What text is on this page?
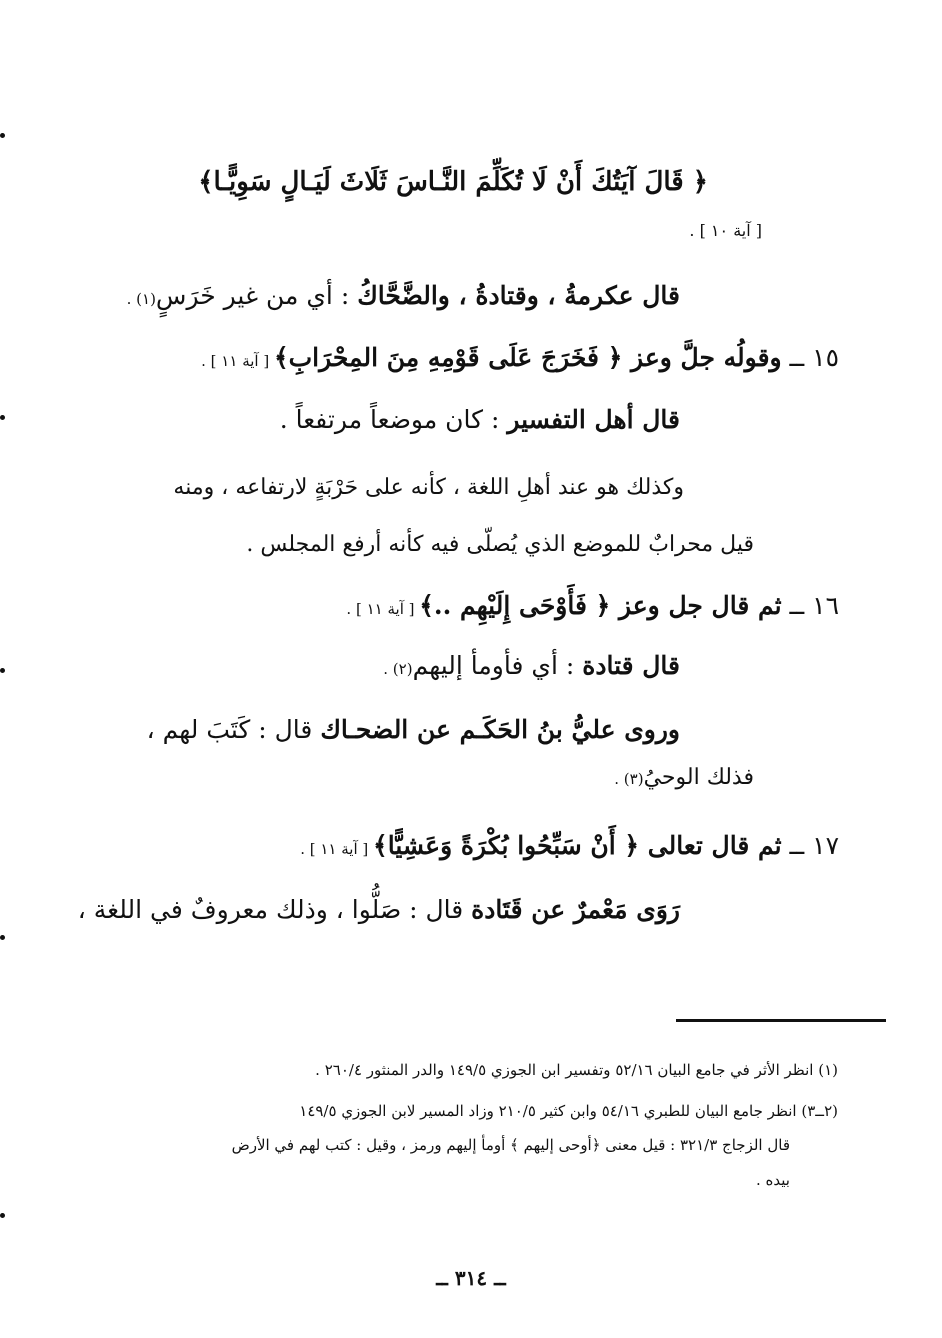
﴿ قَالَ آيَتُكَ أَنْ لَا تُكَلِّمَ النَّـاسَ ثَلَاثَ لَيَـالٍ سَوِيًّـا﴾
[ آية ١٠ ] .
قال عكرمةُ ، وقتادةُ ، والضَّحَّاكُ : أي من غير خَرَسٍ(١) .
١٥ ــ وقولُه جلَّ وعز ﴿ فَخَرَجَ عَلَى قَوْمِهِ مِنَ المِحْرَابِ﴾ [ آية ١١ ] .
قال أهل التفسير : كان موضعاً مرتفعاً .
وكذلك هو عند أهلِ اللغة ، كأنه على حَرْبَةٍ لارتفاعه ، ومنه
قيل محرابٌ للموضع الذي يُصلّى فيه كأنه أرفع المجلس .
١٦ ــ ثم قال جل وعز ﴿ فَأَوْحَى إِلَيْهِم ..﴾ [ آية ١١ ] .
قال قتادة : أي فأومأ إليهم(٢) .
وروى عليُّ بنُ الحَكَـم عن الضحـاك قال : كَتَبَ لهم ،
فذلك الوحيُ(٣) .
١٧ ــ ثم قال تعالى ﴿ أَنْ سَبِّحُوا بُكْرَةً وَعَشِيًّا﴾ [ آية ١١ ] .
رَوَى مَعْمرٌ عن قَتَادة قال : صَلُّوا ، وذلك معروفٌ في اللغة ،
(١) انظر الأثر في جامع البيان ٥٢/١٦ وتفسير ابن الجوزي ١٤٩/٥ والدر المنثور ٢٦٠/٤ .
(٢ــ٣) انظر جامع البيان للطبري ٥٤/١٦ وابن كثير ٢١٠/٥ وزاد المسير لابن الجوزي ١٤٩/٥
قال الزجاج ٣٢١/٣ : قيل معنى ﴿أوحى إليهم ﴾ أومأ إليهم ورمز ، وقيل : كتب لهم في الأرض
بيده .
ــ ٣١٤ ــ
